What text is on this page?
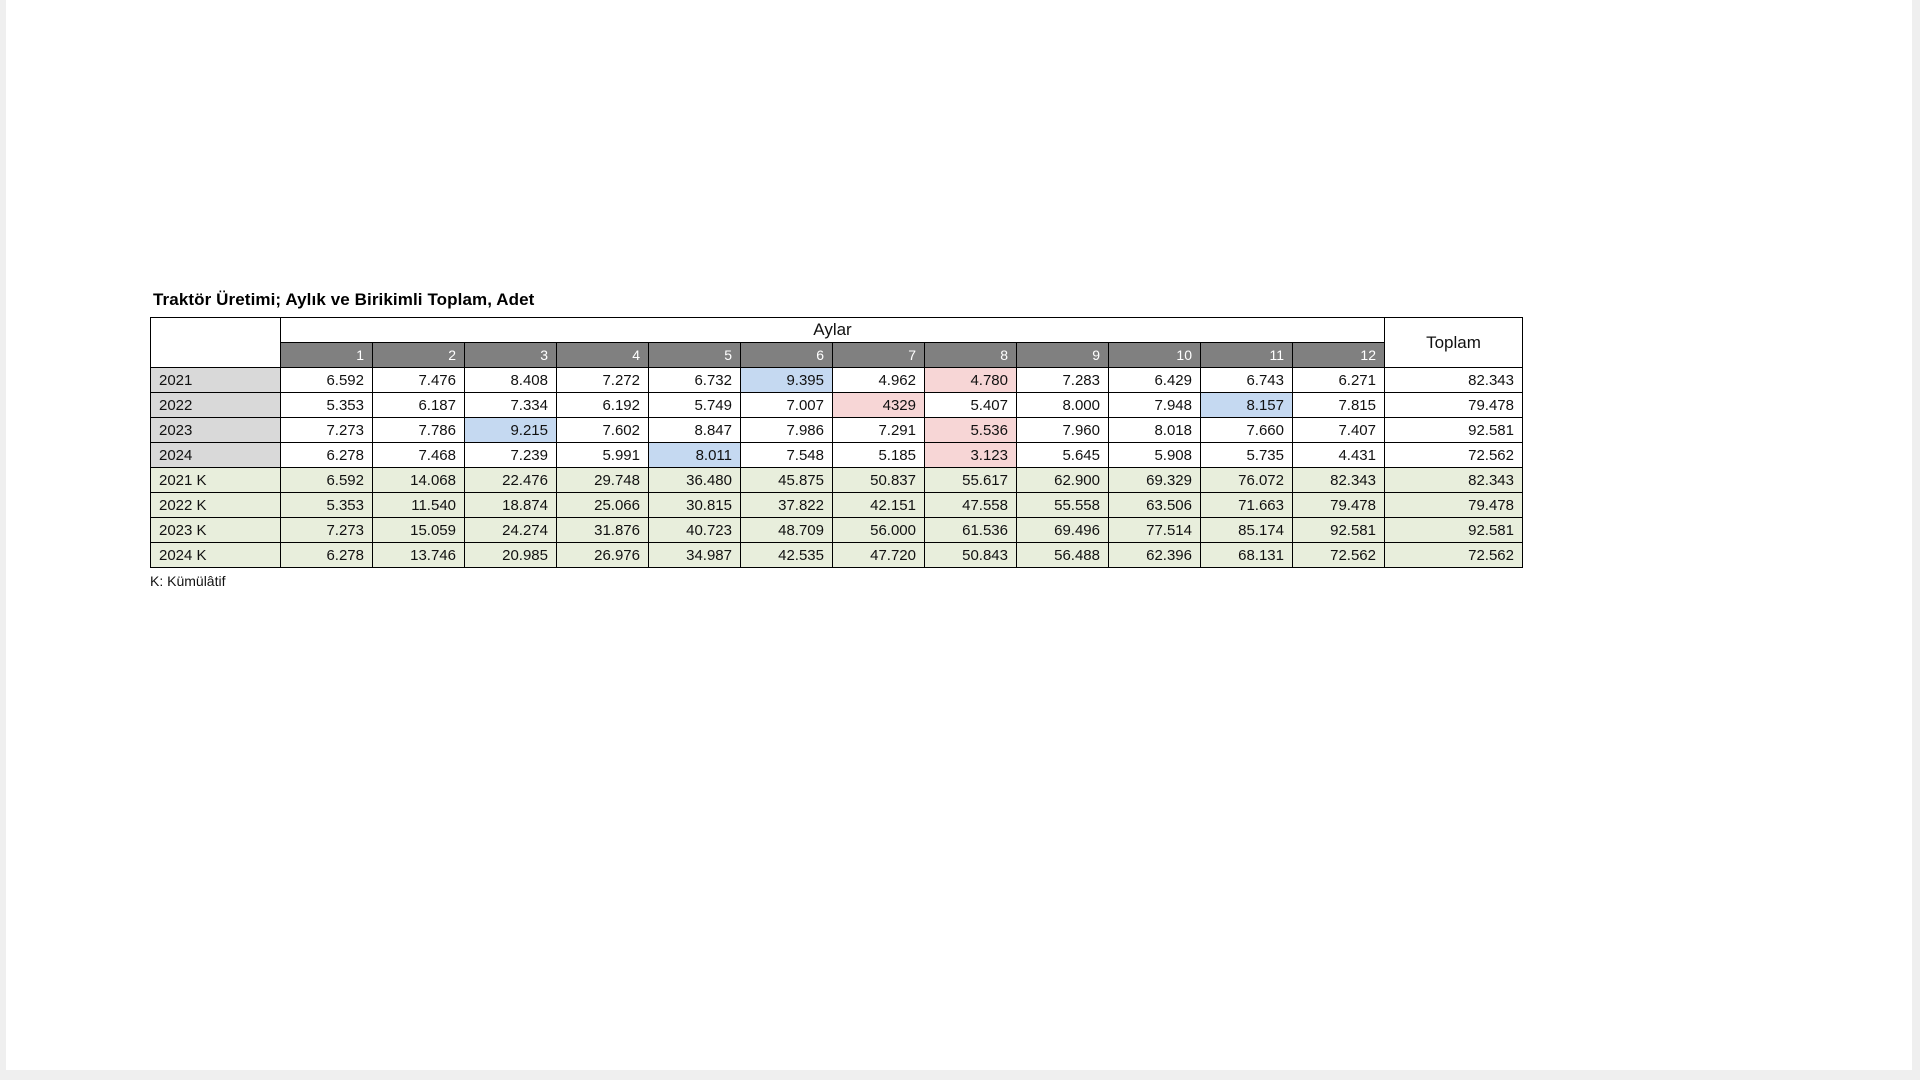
Traktör Üretimi; Aylık ve Birikimli Toplam, Adet
	Aylar												Toplam
	1	2	3	4	5	6	7	8	9	10	11	12	
2021	6.592	7.476	8.408	7.272	6.732	9.395	4.962	4.780	7.283	6.429	6.743	6.271	82.343
2022	5.353	6.187	7.334	6.192	5.749	7.007	4329	5.407	8.000	7.948	8.157	7.815	79.478
2023	7.273	7.786	9.215	7.602	8.847	7.986	7.291	5.536	7.960	8.018	7.660	7.407	92.581
2024	6.278	7.468	7.239	5.991	8.011	7.548	5.185	3.123	5.645	5.908	5.735	4.431	72.562
2021 K	6.592	14.068	22.476	29.748	36.480	45.875	50.837	55.617	62.900	69.329	76.072	82.343	82.343
2022 K	5.353	11.540	18.874	25.066	30.815	37.822	42.151	47.558	55.558	63.506	71.663	79.478	79.478
2023 K	7.273	15.059	24.274	31.876	40.723	48.709	56.000	61.536	69.496	77.514	85.174	92.581	92.581
2024 K	6.278	13.746	20.985	26.976	34.987	42.535	47.720	50.843	56.488	62.396	68.131	72.562	72.562
K: Kümülâtif
